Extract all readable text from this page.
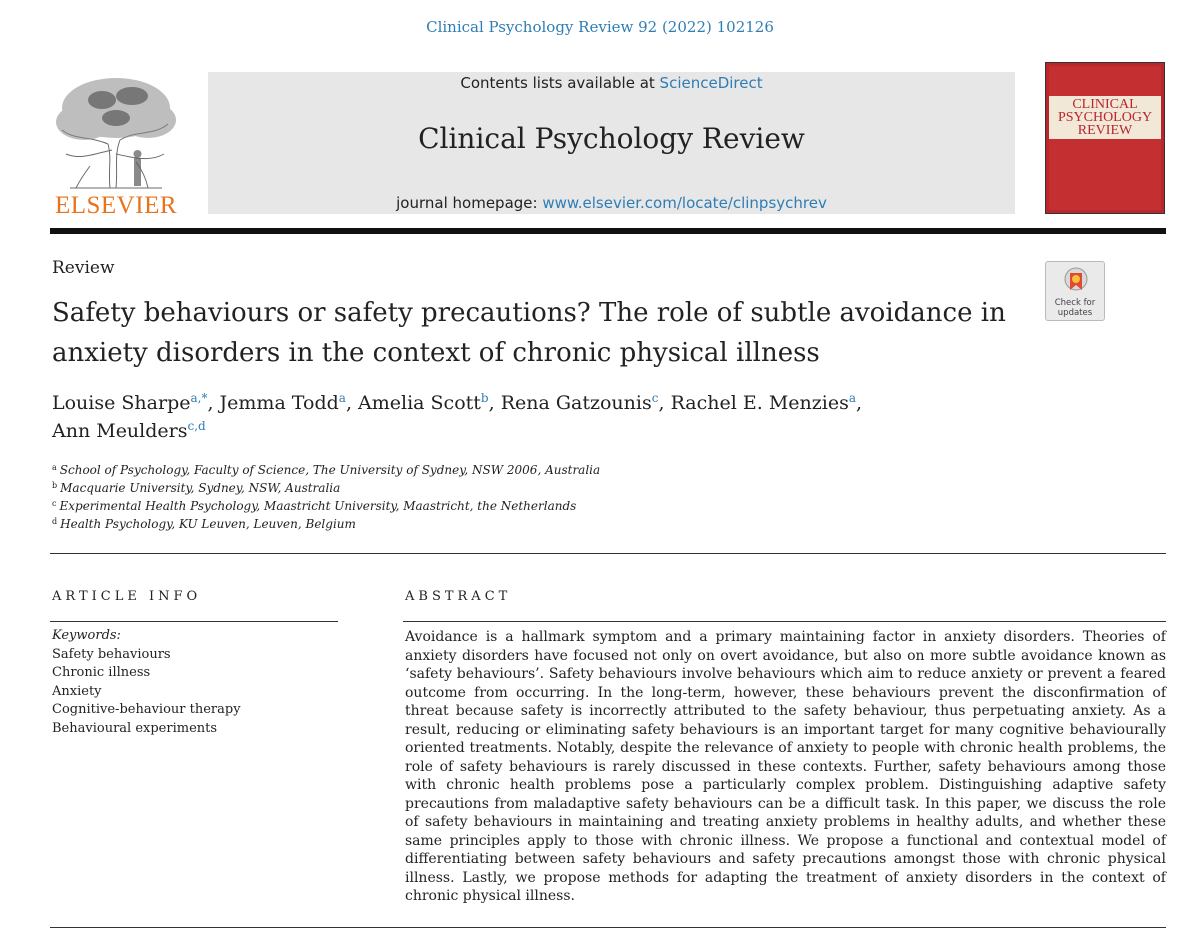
Clinical Psychology Review 92 (2022) 102126
ELSEVIER
Contents lists available at ScienceDirect
Clinical Psychology Review
journal homepage: www.elsevier.com/locate/clinpsychrev
CLINICAL
PSYCHOLOGY
REVIEW
Review
Check for
updates
Safety behaviours or safety precautions? The role of subtle avoidance in anxiety disorders in the context of chronic physical illness
Louise Sharpe$^{a,*}$, Jemma Todd$^a$, Amelia Scott$^b$, Rena Gatzounis$^c$, Rachel E. Menzies$^a$,
Ann Meulders$^{c,d}$
$^a$ School of Psychology, Faculty of Science, The University of Sydney, NSW 2006, Australia
$^b$ Macquarie University, Sydney, NSW, Australia
$^c$ Experimental Health Psychology, Maastricht University, Maastricht, the Netherlands
$^d$ Health Psychology, KU Leuven, Leuven, Belgium
ARTICLE INFO	ABSTRACT
Keywords:
Safety behaviours
Chronic illness
Anxiety
Cognitive-behaviour therapy
Behavioural experiments
Avoidance is a hallmark symptom and a primary maintaining factor in anxiety disorders. Theories of anxiety disorders have focused not only on overt avoidance, but also on more subtle avoidance known as ‘safety behaviours’. Safety behaviours involve behaviours which aim to reduce anxiety or prevent a feared outcome from occurring. In the long-term, however, these behaviours prevent the disconfirmation of threat because safety is incorrectly attributed to the safety behaviour, thus perpetuating anxiety. As a result, reducing or eliminating safety behaviours is an important target for many cognitive behaviourally oriented treatments. Notably, despite the relevance of anxiety to people with chronic health problems, the role of safety behaviours is rarely discussed in these contexts. Further, safety behaviours among those with chronic health problems pose a particularly complex problem. Distinguishing adaptive safety precautions from maladaptive safety behaviours can be a difficult task. In this paper, we discuss the role of safety behaviours in maintaining and treating anxiety problems in healthy adults, and whether these same principles apply to those with chronic illness. We propose a functional and contextual model of differentiating between safety behaviours and safety precautions amongst those with chronic physical illness. Lastly, we propose methods for adapting the treatment of anxiety disorders in the context of chronic physical illness.
